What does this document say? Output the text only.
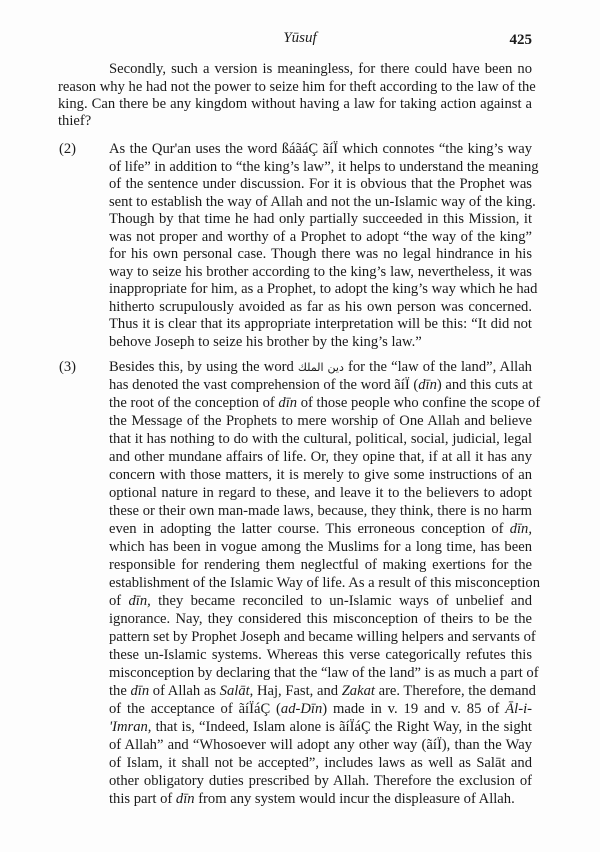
Yūsuf	425
Secondly, such a version is meaningless, for there could have been no
reason why he had not the power to seize him for theft according to the law of the
king. Can there be any kingdom without having a law for taking action against a
thief?
(2) As the Qur'an uses the word ßáãáÇ ãíÏ which connotes “the king’s way
of life” in addition to “the king’s law”, it helps to understand the meaning
of the sentence under discussion. For it is obvious that the Prophet was
sent to establish the way of Allah and not the un-Islamic way of the king.
Though by that time he had only partially succeeded in this Mission, it
was not proper and worthy of a Prophet to adopt “the way of the king”
for his own personal case. Though there was no legal hindrance in his
way to seize his brother according to the king’s law, nevertheless, it was
inappropriate for him, as a Prophet, to adopt the king’s way which he had
hitherto scrupulously avoided as far as his own person was concerned.
Thus it is clear that its appropriate interpretation will be this: “It did not
behove Joseph to seize his brother by the king’s law.”
(3) Besides this, by using the word دين الملك for the “law of the land”, Allah
has denoted the vast comprehension of the word ãíÏ (dīn) and this cuts at
the root of the conception of dīn of those people who confine the scope of
the Message of the Prophets to mere worship of One Allah and believe
that it has nothing to do with the cultural, political, social, judicial, legal
and other mundane affairs of life. Or, they opine that, if at all it has any
concern with those matters, it is merely to give some instructions of an
optional nature in regard to these, and leave it to the believers to adopt
these or their own man-made laws, because, they think, there is no harm
even in adopting the latter course. This erroneous conception of dīn,
which has been in vogue among the Muslims for a long time, has been
responsible for rendering them neglectful of making exertions for the
establishment of the Islamic Way of life. As a result of this misconception
of dīn, they became reconciled to un-Islamic ways of unbelief and
ignorance. Nay, they considered this misconception of theirs to be the
pattern set by Prophet Joseph and became willing helpers and servants of
these un-Islamic systems. Whereas this verse categorically refutes this
misconception by declaring that the “law of the land” is as much a part of
the dīn of Allah as Salāt, Haj, Fast, and Zakat are. Therefore, the demand
of the acceptance of ãíÏáÇ (ad-Dīn) made in v. 19 and v. 85 of Āl-i-
'Imran, that is, “Indeed, Islam alone is ãíÏáÇ the Right Way, in the sight
of Allah” and “Whosoever will adopt any other way (ãíÏ), than the Way
of Islam, it shall not be accepted”, includes laws as well as Salāt and
other obligatory duties prescribed by Allah. Therefore the exclusion of
this part of dīn from any system would incur the displeasure of Allah.
